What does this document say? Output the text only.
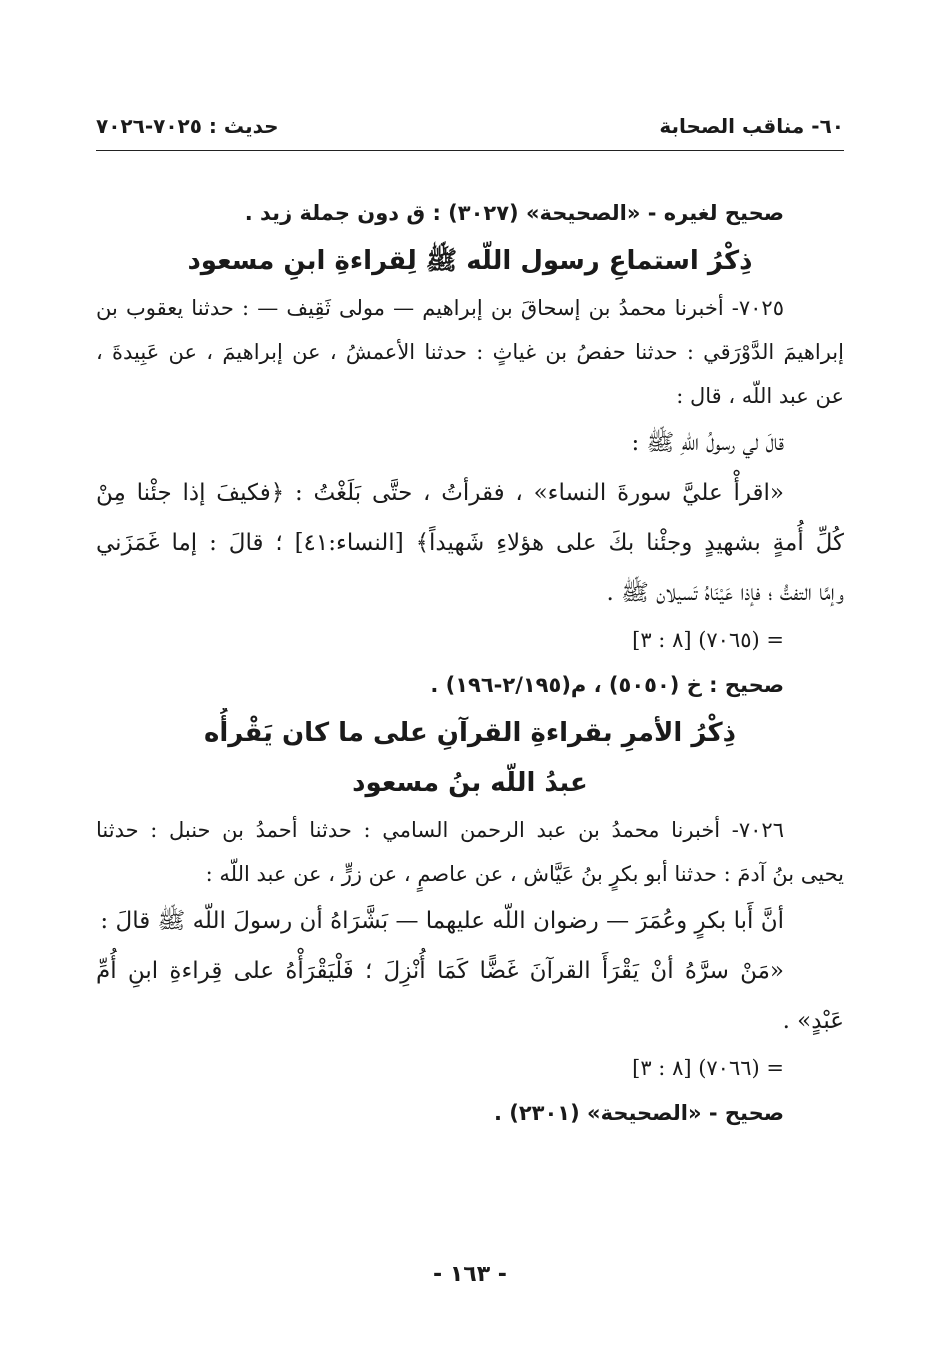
٦٠- مناقب الصحابة
حديث : ٧٠٢٥-٧٠٢٦
صحيح لغيره - «الصحيحة» (٣٠٢٧) : ق دون جملة زيد .
ذِكْرُ استماعِ رسول اللّه ﷺ لِقراءةِ ابنِ مسعود
٧٠٢٥- أخبرنا محمدُ بن إسحاقَ بن إبراهيم — مولى ثَقِيف — : حدثنا يعقوب بن
إبراهيمَ الدَّوْرَقي : حدثنا حفصُ بن غياثٍ : حدثنا الأعمشُ ، عن إبراهيمَ ، عن عَبِيدةَ ،
عن عبد اللّه ، قال :
قالَ لي رسولُ اللّهِ ﷺ :
«اقرأْ عليَّ سورةَ النساء» ، فقرأتُ ، حتَّى بَلَغْتُ : ﴿فكيفَ إذا جئْنا مِنْ
كُلِّ أُمةٍ بشهيدٍ وجئْنا بكَ على هؤلاءِ شَهيداً﴾ [النساء:٤١] ؛ قالَ : إما غَمَزَني
وإمَّا التفتُّ ؛ فإذا عَيْنَاهُ تَسيلان ﷺ .
= (٧٠٦٥) [٨ : ٣]
صحيح : خ (٥٠٥٠) ، م(٢/١٩٥-١٩٦) .
ذِكْرُ الأمرِ بقراءةِ القرآنِ على ما كان يَقْرأُه
عبدُ اللّه بنُ مسعود
٧٠٢٦- أخبرنا محمدُ بن عبد الرحمن السامي : حدثنا أحمدُ بن حنبل : حدثنا
يحيى بنُ آدمَ : حدثنا أبو بكرٍ بنُ عَيَّاش ، عن عاصمٍ ، عن زرٍّ ، عن عبد اللّه :
أنَّ أَبا بكرٍ وعُمَرَ — رضوان اللّه عليهما — بَشَّرَاهُ أن رسولَ اللّه ﷺ قالَ :
«مَنْ سرَّهُ أنْ يَقْرَأَ القرآنَ غَضًّا كَمَا أُنْزِلَ ؛ فَلْيَقْرَأْهُ على قِراءةِ ابنِ أُمِّ
عَبْدٍ» .
= (٧٠٦٦) [٨ : ٣]
صحيح - «الصحيحة» (٢٣٠١) .
- ١٦٣ -
